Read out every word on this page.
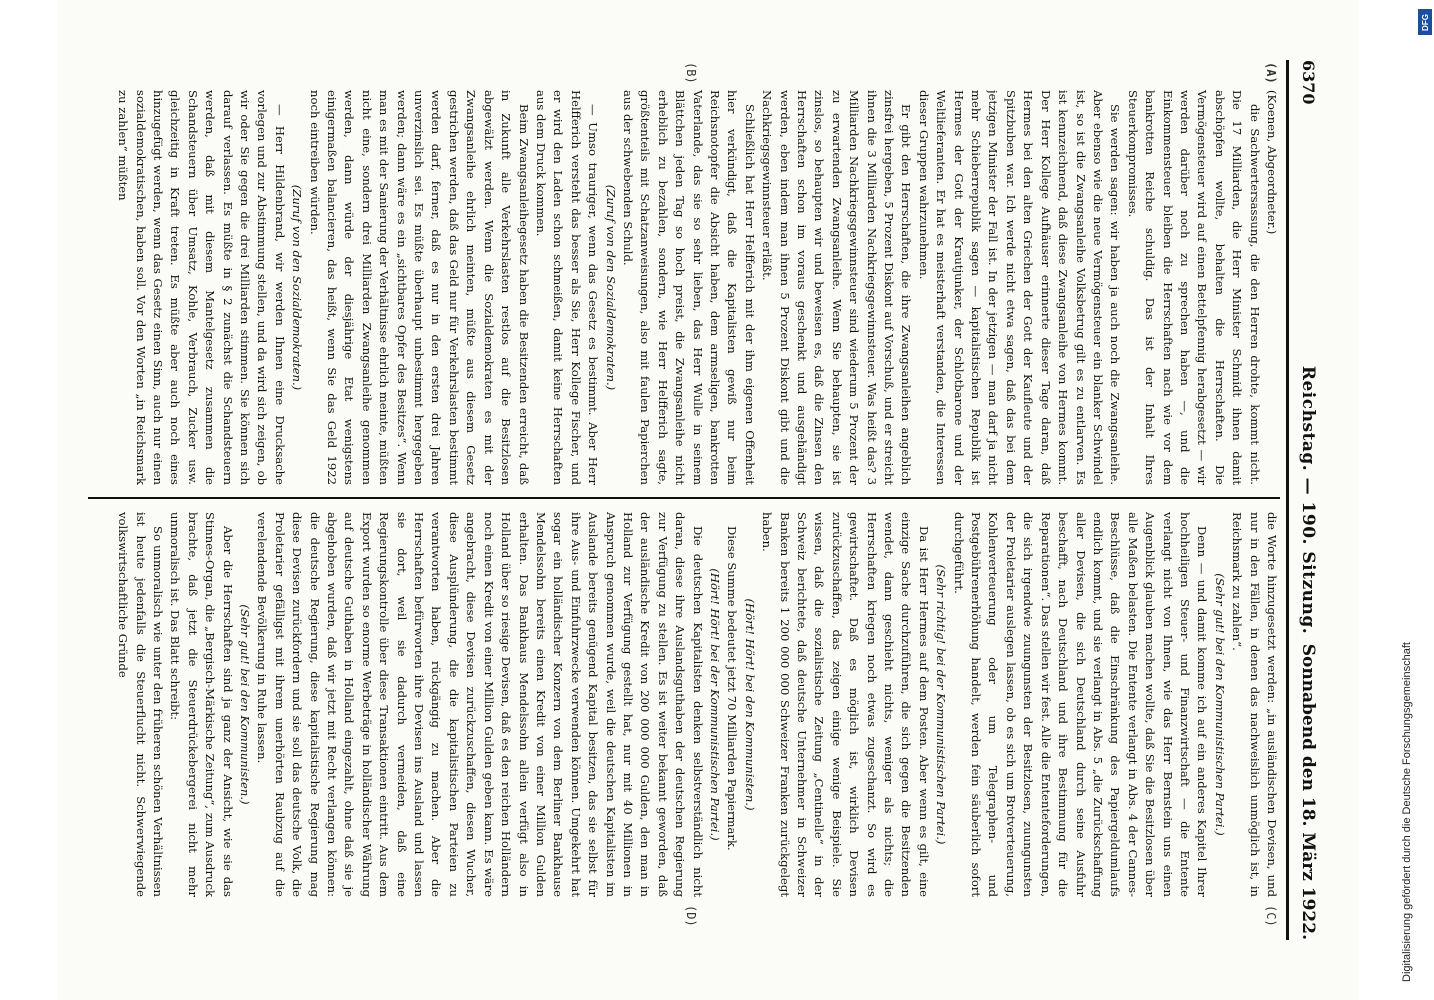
6370
Reichstag. — 190. Sitzung.
Sonnabend den 18. März 1922.
(A)
(B)
(C)
(D)

(Koenen, Abgeordneter.)

die Sachwertersassung, die den Herren drohte, kommt nicht. Die 17 Milliarden, die Herr Minister Schmidt ihnen damit abschöpfen wollte, behalten die Herrschaften. Die Vermögensteuer wird auf einen Bettelpfennig herabgesetzt — wir werden darüber noch zu sprechen haben —, und die Einkommensteuer bleiben die Herrschaften nach wie vor dem bankrotten Reiche schuldig. Das ist der Inhalt Ihres Steuerkompromisses.

Sie werden sagen: wir haben ja auch noch die Zwangsanleihe. Aber ebenso wie die neue Vermögensteuer ein blanker Schwindel ist, so ist die Zwangsanleihe Volksbetrug gilt es zu entlarven. Es ist kennzeichnend, daß diese Zwangsanleihe von Hermes kommt. Der Herr Kollege Aufhäuser erinnerte dieser Tage daran, daß Hermes bei den alten Griechen der Gott der Kaufleute und der Spitzbuben war. Ich werde nicht etwa sagen, daß das bei dem jetzigen Minister der Fall ist. In der jetzigen — man darf ja nicht mehr Schieberrepublik sagen — kapitalistischen Republik ist Hermes der Gott der Krautjunker, der Schlotbarone und der Weltlieferanten. Er hat es meisterhaft verstanden, die Interessen dieser Gruppen wahrzunehmen.

Er gibt den Herrschaften, die ihre Zwangsanleihen angeblich zinsfrei hergeben, 5 Prozent Diskont auf Vorschuß, und er streicht ihnen die 3 Milliarden Nachkriegsgewinnsteuer. Was heißt das? 3 Milliarden Nachkriegsgewinnsteuer sind wiederum 5 Prozent der zu erwartenden Zwangsanleihe. Wenn Sie behaupten, sie ist zinslos, so behaupten wir und beweisen es, daß die Zinsen den Herrschaften schon im voraus geschenkt und ausgehändigt werden, eben indem man ihnen 5 Prozent Diskont gibt und die Nachkriegsgewinnsteuer erläßt.

Schließlich hat Herr Helfferich mit der ihm eigenen Offenheit hier verkündigt, daß die Kapitalisten gewiß nur beim Reichsnotopfer die Absicht haben, dem armseligen, bankrotten Vaterlande, das sie so sehr lieben, das Herr Wulle in seinem Blättchen jeden Tag so hoch preist, die Zwangsanleihe nicht erheblich zu bezahlen, sondern, wie Herr Helfferich sagte, größtenteils mit Schatzanweisungen, also mit faulen Papierchen aus der schwebenden Schuld.

(Zuruf von den Sozialdemokraten.)

— Umso trauriger, wenn das Gesetz es bestimmt. Aber Herr Helfferich versteht das besser als Sie, Herr Kollege Fischer, und er wird den Laden schon schmeißen, damit keine Herrschaften aus dem Druck kommen.

Beim Zwangsanleihegesetz haben die Besitzenden erreicht, daß in Zukunft alle Verkehrslasten restlos auf die Besitzlosen abgewälzt werden. Wenn die Sozialdemokraten es mit der Zwangsanleihe ehrlich meinten, müßte aus diesem Gesetz gestrichen werden, daß das Geld nur für Verkehrslasten bestimmt werden darf, ferner, daß es nur in den ersten drei Jahren unverzinslich sei. Es müßte überhaupt unbestimmt hergegeben werden; dann wäre es ein „sichtbares Opfer des Besitzes“. Wenn man es mit der Sanierung der Verhältnisse ehrlich meinte, müßten nicht eine, sondern drei Milliarden Zwangsanleihe genommen werden, dann würde der diesjährige Etat wenigstens einigermaßen balancieren, das heißt, wenn Sie das Geld 1922 noch eintreiben würden.

(Zuruf von den Sozialdemokraten.)

— Herr Hildenbrand, wir werden Ihnen eine Drucksache vorlegen und zur Abstimmung stellen, und da wird sich zeigen, ob wir oder Sie gegen die drei Milliarden stimmen. Sie können sich darauf verlassen. Es müßte in § 2 zunächst die Schandsteuern werden, daß mit diesem Mantelgesetz zusammen die Schandsteuern über Umsatz, Kohle, Verbrauch, Zucker usw. gleichzeitig in Kraft treten. Es müßte aber auch noch eines hinzugefügt werden, wenn das Gesetz einen Sinn, auch nur einen sozialdemokratischen, haben soll. Vor den Worten „in Reichsmark zu zahlen“ müßten

die Worte hinzugesetzt werden: „in ausländischen Devisen, und nur in den Fällen, in denen das nachweislich unmöglich ist, in Reichsmark zu zahlen“.

(Sehr gut! bei den Kommunistischen Partei.)

Denn — und damit komme ich auf ein anderes Kapitel Ihrer hochheiligen Steuer- und Finanzwirtschaft — die Entente verlangt nicht von Ihnen, wie das Herr Bernstein uns einen Augenblick glauben machen wollte, daß Sie die Besitzlosen über alle Maßen belasten. Die Entente verlangt in Abs. 4 der Cannes-Beschlüsse, daß die Einschränkung des Papiergeldumlaufs endlich kommt, und sie verlangt in Abs. 5 „die Zurückschaffung aller Devisen, die sich Deutschland durch seine Ausfuhr beschafft, nach Deutschland und ihre Bestimmung für die Reparationen“. Das stellen wir fest. Alle die Ententeforderungen, die sich irgendwie zuungunsten der Besitzlosen, zuungunsten der Proletarier auslegen lassen, ob es sich um Brotverteuerung, Kohlenverteuerung oder um Telegraphen- und Postgebührenerhöhung handelt, werden fein säuberlich sofort durchgeführt.

(Sehr richtig! bei der Kommunistischen Partei.)

Da ist Herr Hermes auf dem Posten. Aber wenn es gilt, eine einzige Sache durchzuführen, die sich gegen die Besitzenden wendet, dann geschieht nichts, weniger als nichts; die Herrschaften kriegen noch etwas zugeschanzt. So wird es gewirtschaftet. Daß es möglich ist, wirklich Devisen zurückzuschaffen, das zeigen einige wenige Beispiele. Sie wissen, daß die sozialistische Zeitung „Centinelle“ in der Schweiz berichtete, daß deutsche Unternehmer in Schweizer Banken bereits 1 200 000 000 Schweizer Franken zurückgelegt haben.

(Hört! Hört! bei den Kommunisten.)

Diese Summe bedeutet jetzt 70 Milliarden Papiermark.

(Hört! Hört! bei der Kommunistischen Partei.)

Die deutschen Kapitalisten denken selbstverständlich nicht daran, diese ihre Auslandsguthaben der deutschen Regierung zur Verfügung zu stellen. Es ist weiter bekannt geworden, daß der ausländische Kredit von 200 000 000 Gulden, den man in Holland zur Verfügung gestellt hat, nur mit 40 Millionen in Anspruch genommen wurde, weil die deutschen Kapitalisten im Auslande bereits genügend Kapital besitzen, das sie selbst für ihre Aus- und Einfuhrzwecke verwenden können. Umgekehrt hat sogar ein holländischer Konzern von dem Berliner Bankhause Mendelssohn bereits einen Kredit von einer Million Gulden erhalten. Das Bankhaus Mendelssohn allein verfügt also in Holland über so riesige Devisen, daß es den reichen Holländern noch einen Kredit von einer Million Gulden geben kann. Es wäre angebracht, diese Devisen zurückzuschaffen, diesen Wucher, diese Ausplünderung, die die kapitalistischen Parteien zu verantworten haben, rückgängig zu machen. Aber die Herrschaften befürworten ihre Devisen ins Ausland und lassen sie dort, weil sie dadurch vermeiden, daß eine Regierungskontrolle über diese Transaktionen eintritt. Aus dem Export wurden so enorme Werbeträge in holländischer Währung auf deutsche Guthaben in Holland eingezahlt, ohne daß sie je abgehoben wurden, daß wir jetzt mit Recht verlangen können: die deutsche Regierung, diese kapitalistische Regierung mag diese Devisen zurückfordern und sie soll das deutsche Volk, die Proletarier gefälligst mit ihrem unerhörten Raubzug auf die verelendende Bevölkerung in Ruhe lassen.

(Sehr gut! bei den Kommunisten.)

Aber die Herrschaften sind ja ganz der Ansicht, wie sie das Stinnes-Organ, die „Bergisch-Märkische Zeitung“, zum Ausdruck brachte, daß jetzt die Steuerdrückebergerei nicht mehr unmoralisch ist. Das Blatt schreibt:

So unmoralisch wie unter den früheren schönen Verhältnissen ist heute jedenfalls die Steuerflucht nicht. Schwerwiegende volkswirtschaftliche Gründe

Digitalisierung gefördert durch die Deutsche Forschungsgemeinschaft
DFG
